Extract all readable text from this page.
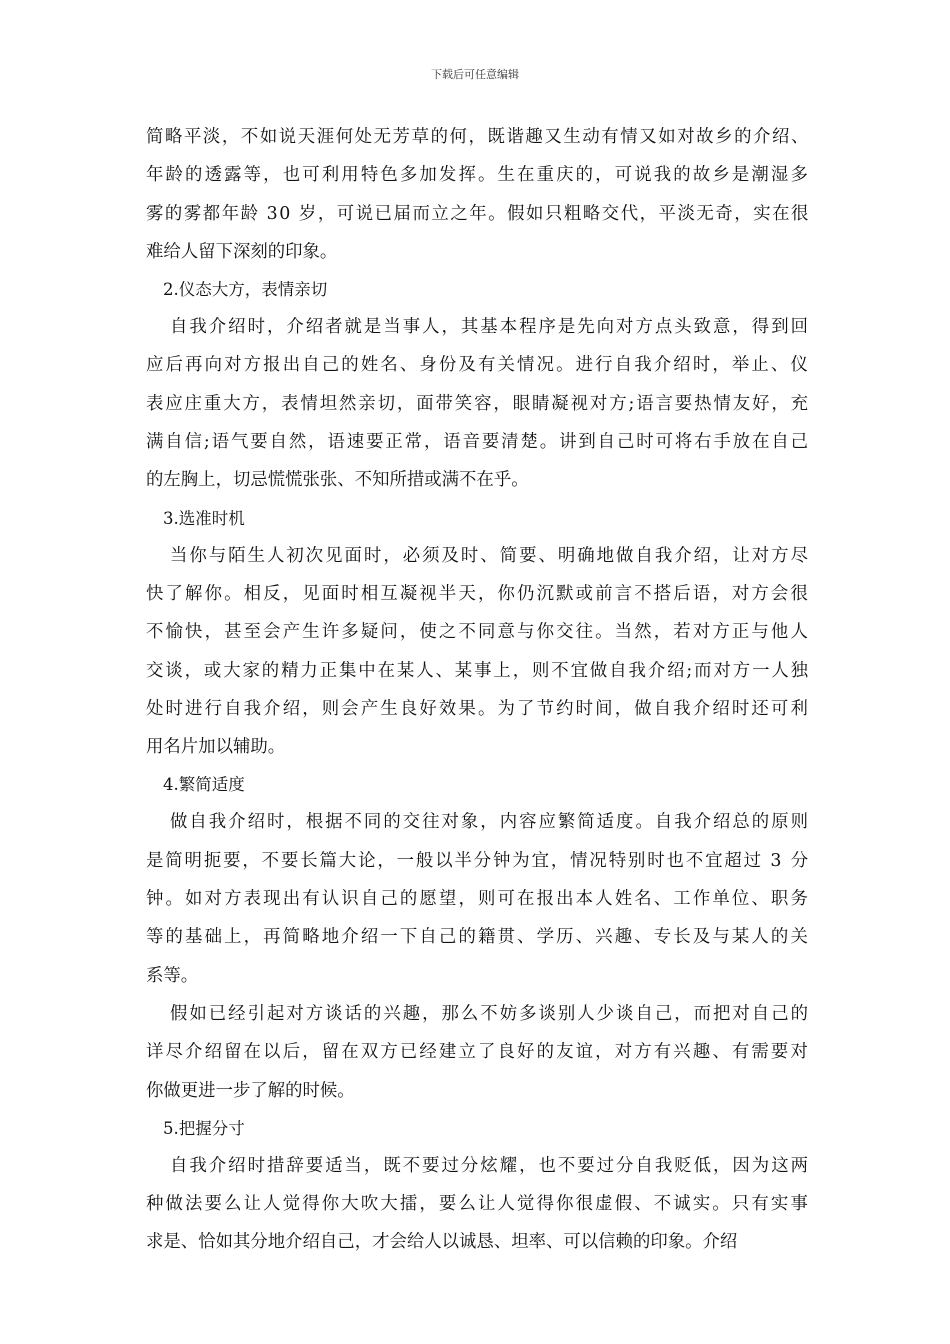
下载后可任意编辑
简略平淡，不如说天涯何处无芳草的何，既谐趣又生动有情又如对故乡的介绍、
年龄的透露等，也可利用特色多加发挥。生在重庆的，可说我的故乡是潮湿多
雾的雾都年龄 30 岁，可说已届而立之年。假如只粗略交代，平淡无奇，实在很
难给人留下深刻的印象。
2.仪态大方，表情亲切
自我介绍时，介绍者就是当事人，其基本程序是先向对方点头致意，得到回
应后再向对方报出自己的姓名、身份及有关情况。进行自我介绍时，举止、仪
表应庄重大方，表情坦然亲切，面带笑容，眼睛凝视对方;语言要热情友好，充
满自信;语气要自然，语速要正常，语音要清楚。讲到自己时可将右手放在自己
的左胸上，切忌慌慌张张、不知所措或满不在乎。
3.选准时机
当你与陌生人初次见面时，必须及时、简要、明确地做自我介绍，让对方尽
快了解你。相反，见面时相互凝视半天，你仍沉默或前言不搭后语，对方会很
不愉快，甚至会产生许多疑问，使之不同意与你交往。当然，若对方正与他人
交谈，或大家的精力正集中在某人、某事上，则不宜做自我介绍;而对方一人独
处时进行自我介绍，则会产生良好效果。为了节约时间，做自我介绍时还可利
用名片加以辅助。
4.繁简适度
做自我介绍时，根据不同的交往对象，内容应繁简适度。自我介绍总的原则
是简明扼要，不要长篇大论，一般以半分钟为宜，情况特别时也不宜超过 3 分
钟。如对方表现出有认识自己的愿望，则可在报出本人姓名、工作单位、职务
等的基础上，再简略地介绍一下自己的籍贯、学历、兴趣、专长及与某人的关
系等。
假如已经引起对方谈话的兴趣，那么不妨多谈别人少谈自己，而把对自己的
详尽介绍留在以后，留在双方已经建立了良好的友谊，对方有兴趣、有需要对
你做更进一步了解的时候。
5.把握分寸
自我介绍时措辞要适当，既不要过分炫耀，也不要过分自我贬低，因为这两
种做法要么让人觉得你大吹大擂，要么让人觉得你很虚假、不诚实。只有实事
求是、恰如其分地介绍自己，才会给人以诚恳、坦率、可以信赖的印象。介绍
